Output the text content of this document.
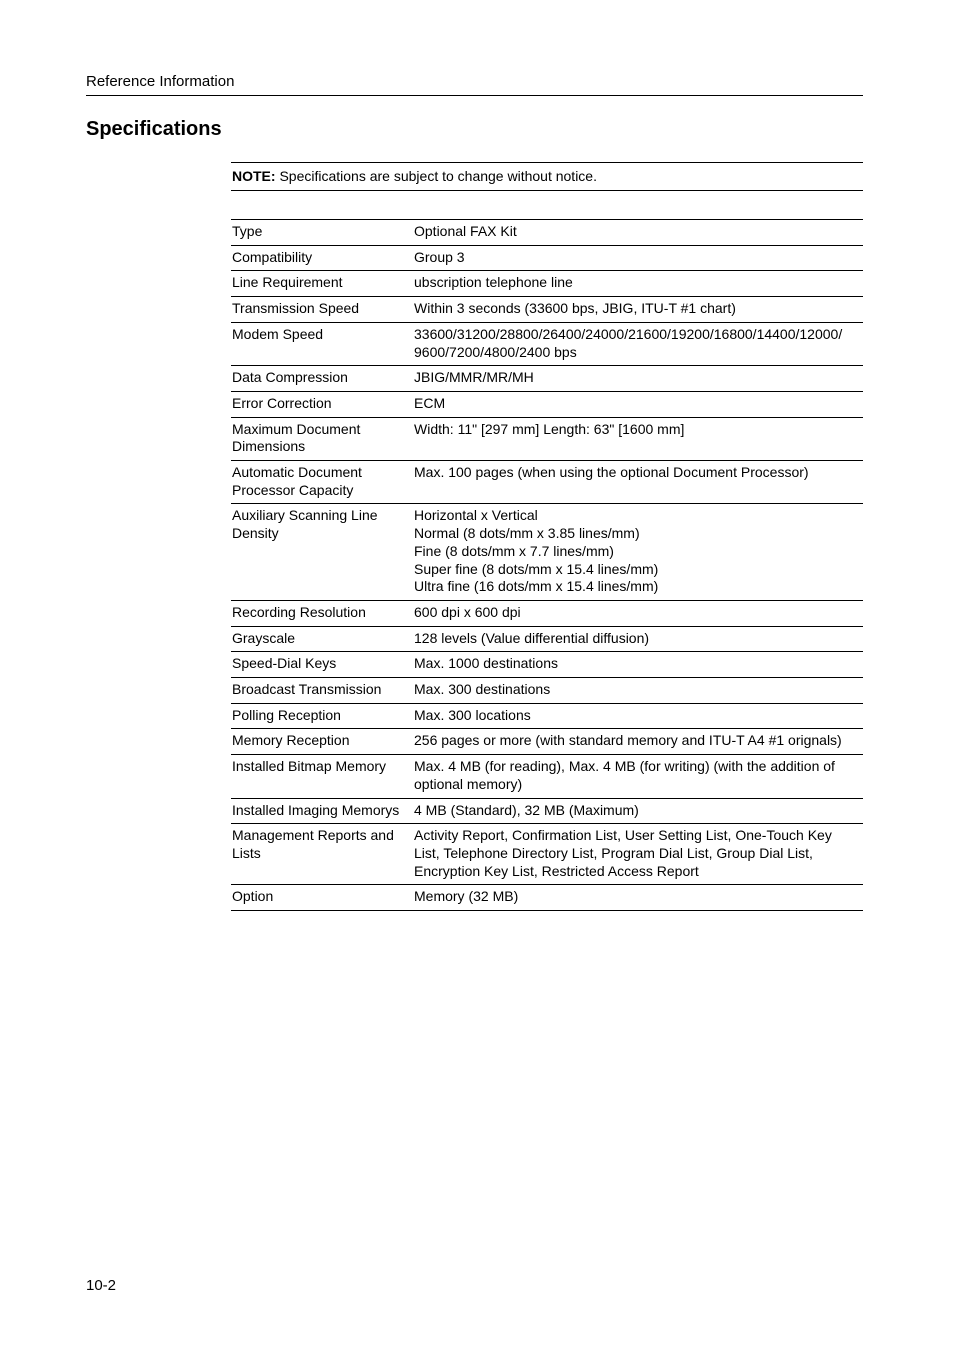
Reference Information
Specifications
NOTE: Specifications are subject to change without notice.
Type	Optional FAX Kit
Compatibility	Group 3
Line Requirement	ubscription telephone line
Transmission Speed	Within 3 seconds (33600 bps, JBIG, ITU-T #1 chart)
Modem Speed	33600/31200/28800/26400/24000/21600/19200/16800/14400/12000/
9600/7200/4800/2400 bps
Data Compression	JBIG/MMR/MR/MH
Error Correction	ECM
Maximum Document
Dimensions	Width: 11" [297 mm] Length: 63" [1600 mm]
Automatic Document
Processor Capacity	Max. 100 pages (when using the optional Document Processor)
Auxiliary Scanning Line
Density	Horizontal x Vertical
Normal (8 dots/mm x 3.85 lines/mm)
Fine (8 dots/mm x 7.7 lines/mm)
Super fine (8 dots/mm x 15.4 lines/mm)
Ultra fine (16 dots/mm x 15.4 lines/mm)
Recording Resolution	600 dpi x 600 dpi
Grayscale	128 levels (Value differential diffusion)
Speed-Dial Keys	Max. 1000 destinations
Broadcast Transmission	Max. 300 destinations
Polling Reception	Max. 300 locations
Memory Reception	256 pages or more (with standard memory and ITU-T A4 #1 orignals)
Installed Bitmap Memory	Max. 4 MB (for reading), Max. 4 MB (for writing) (with the addition of
optional memory)
Installed Imaging Memorys	4 MB (Standard), 32 MB (Maximum)
Management Reports and
Lists	Activity Report, Confirmation List, User Setting List, One-Touch Key
List, Telephone Directory List, Program Dial List, Group Dial List,
Encryption Key List, Restricted Access Report
Option	Memory (32 MB)
10-2
